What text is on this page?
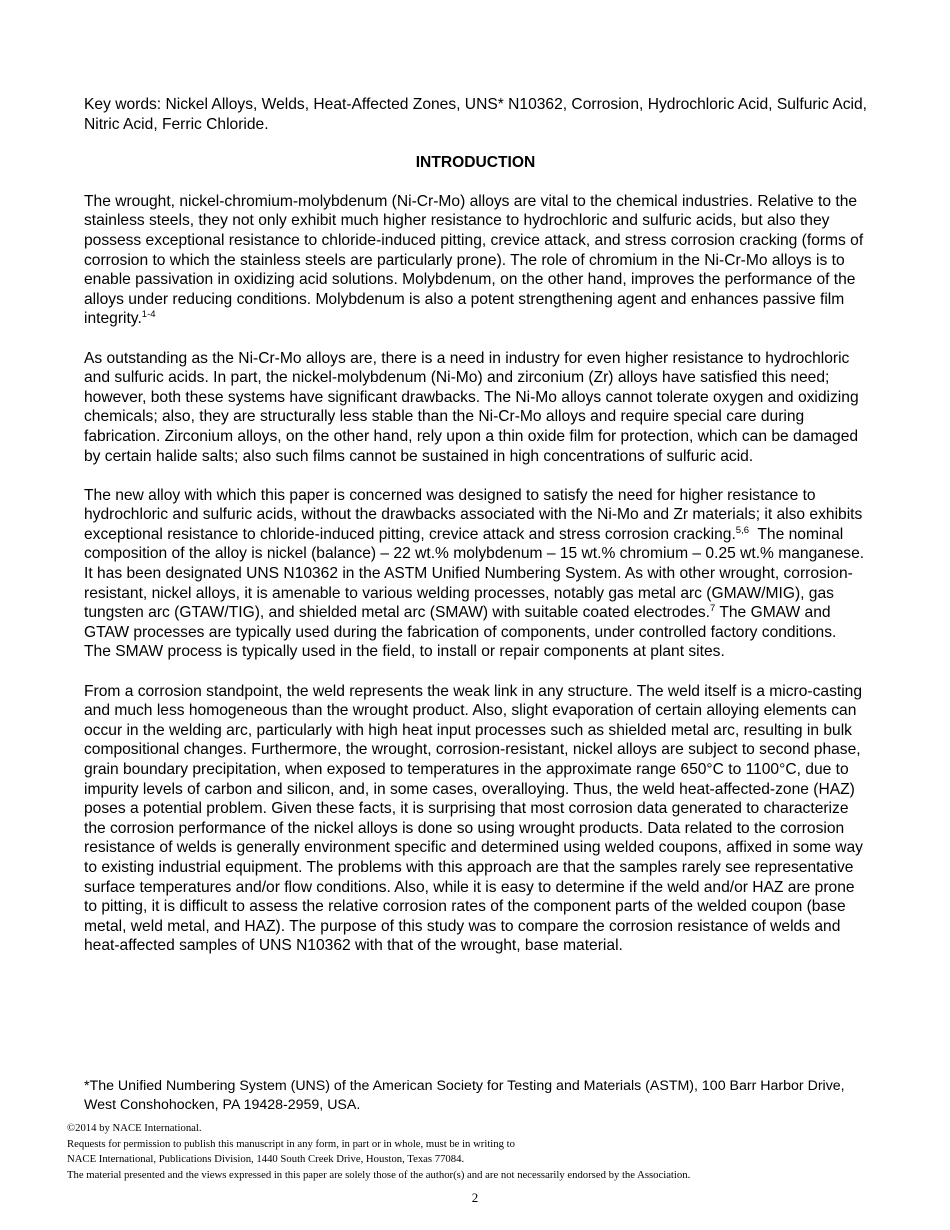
Key words: Nickel Alloys, Welds, Heat-Affected Zones, UNS* N10362, Corrosion, Hydrochloric Acid, Sulfuric Acid, Nitric Acid, Ferric Chloride.

INTRODUCTION

The wrought, nickel-chromium-molybdenum (Ni-Cr-Mo) alloys are vital to the chemical industries. Relative to the stainless steels, they not only exhibit much higher resistance to hydrochloric and sulfuric acids, but also they possess exceptional resistance to chloride-induced pitting, crevice attack, and stress corrosion cracking (forms of corrosion to which the stainless steels are particularly prone). The role of chromium in the Ni-Cr-Mo alloys is to enable passivation in oxidizing acid solutions. Molybdenum, on the other hand, improves the performance of the alloys under reducing conditions. Molybdenum is also a potent strengthening agent and enhances passive film integrity.$^{1-4}$

As outstanding as the Ni-Cr-Mo alloys are, there is a need in industry for even higher resistance to hydrochloric and sulfuric acids. In part, the nickel-molybdenum (Ni-Mo) and zirconium (Zr) alloys have satisfied this need; however, both these systems have significant drawbacks. The Ni-Mo alloys cannot tolerate oxygen and oxidizing chemicals; also, they are structurally less stable than the Ni-Cr-Mo alloys and require special care during fabrication. Zirconium alloys, on the other hand, rely upon a thin oxide film for protection, which can be damaged by certain halide salts; also such films cannot be sustained in high concentrations of sulfuric acid.

The new alloy with which this paper is concerned was designed to satisfy the need for higher resistance to hydrochloric and sulfuric acids, without the drawbacks associated with the Ni-Mo and Zr materials; it also exhibits exceptional resistance to chloride-induced pitting, crevice attack and stress corrosion cracking.$^{5,6}$  The nominal composition of the alloy is nickel (balance) – 22 wt.% molybdenum – 15 wt.% chromium – 0.25 wt.% manganese. It has been designated UNS N10362 in the ASTM Unified Numbering System. As with other wrought, corrosion-resistant, nickel alloys, it is amenable to various welding processes, notably gas metal arc (GMAW/MIG), gas tungsten arc (GTAW/TIG), and shielded metal arc (SMAW) with suitable coated electrodes.$^7$ The GMAW and GTAW processes are typically used during the fabrication of components, under controlled factory conditions. The SMAW process is typically used in the field, to install or repair components at plant sites.

From a corrosion standpoint, the weld represents the weak link in any structure. The weld itself is a micro-casting and much less homogeneous than the wrought product. Also, slight evaporation of certain alloying elements can occur in the welding arc, particularly with high heat input processes such as shielded metal arc, resulting in bulk compositional changes. Furthermore, the wrought, corrosion-resistant, nickel alloys are subject to second phase, grain boundary precipitation, when exposed to temperatures in the approximate range 650°C to 1100°C, due to impurity levels of carbon and silicon, and, in some cases, overalloying. Thus, the weld heat-affected-zone (HAZ) poses a potential problem. Given these facts, it is surprising that most corrosion data generated to characterize the corrosion performance of the nickel alloys is done so using wrought products. Data related to the corrosion resistance of welds is generally environment specific and determined using welded coupons, affixed in some way to existing industrial equipment. The problems with this approach are that the samples rarely see representative surface temperatures and/or flow conditions. Also, while it is easy to determine if the weld and/or HAZ are prone to pitting, it is difficult to assess the relative corrosion rates of the component parts of the welded coupon (base metal, weld metal, and HAZ). The purpose of this study was to compare the corrosion resistance of welds and heat-affected samples of UNS N10362 with that of the wrought, base material.

*The Unified Numbering System (UNS) of the American Society for Testing and Materials (ASTM), 100 Barr Harbor Drive, West Conshohocken, PA 19428-2959, USA.

©2014 by NACE International.
Requests for permission to publish this manuscript in any form, in part or in whole, must be in writing to
NACE International, Publications Division, 1440 South Creek Drive, Houston, Texas 77084.
The material presented and the views expressed in this paper are solely those of the author(s) and are not necessarily endorsed by the Association.
2
